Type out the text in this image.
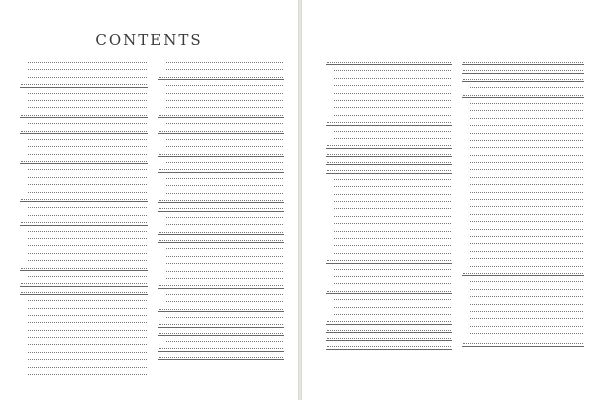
CONTENTS
